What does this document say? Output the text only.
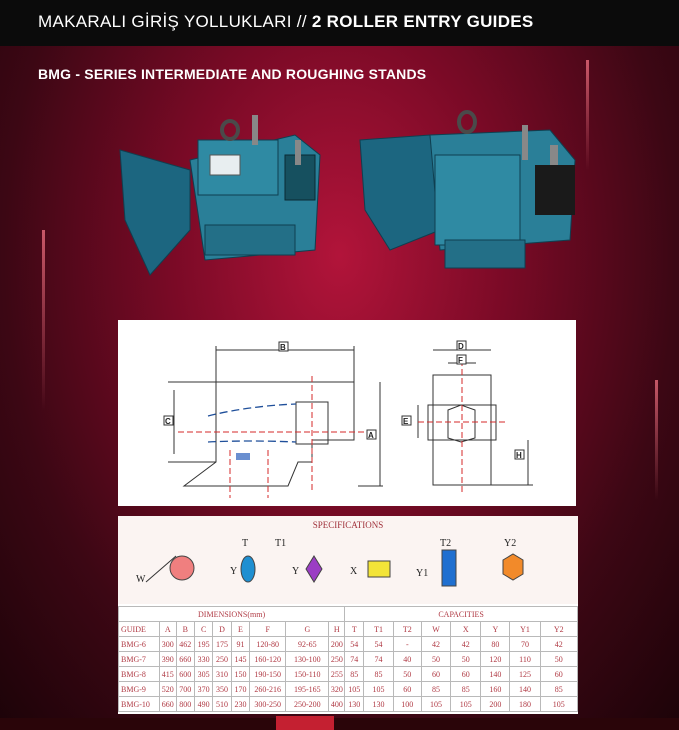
MAKARALI GİRİŞ YOLLUKLARI // 2 ROLLER ENTRY GUIDES
BMG - SERIES INTERMEDIATE AND ROUGHING STANDS
B
C
A
D
F
E
H
SPECIFICATIONS
W
Y
T
Y
T1
X	Y1
T2	Y2
DIMENSIONS(mm)									CAPACITIES							
GUIDE	A	B	C	D	E	F	G	H	T	T1	T2	W	X	Y	Y1	Y2
BMG-6	300	462	195	175	91	120-80	92-65	200	54	54	-	42	42	80	70	42
BMG-7	390	660	330	250	145	160-120	130-100	250	74	74	40	50	50	120	110	50
BMG-8	415	600	305	310	150	190-150	150-110	255	85	85	50	60	60	140	125	60
BMG-9	520	700	370	350	170	260-216	195-165	320	105	105	60	85	85	160	140	85
BMG-10	660	800	490	510	230	300-250	250-200	400	130	130	100	105	105	200	180	105
